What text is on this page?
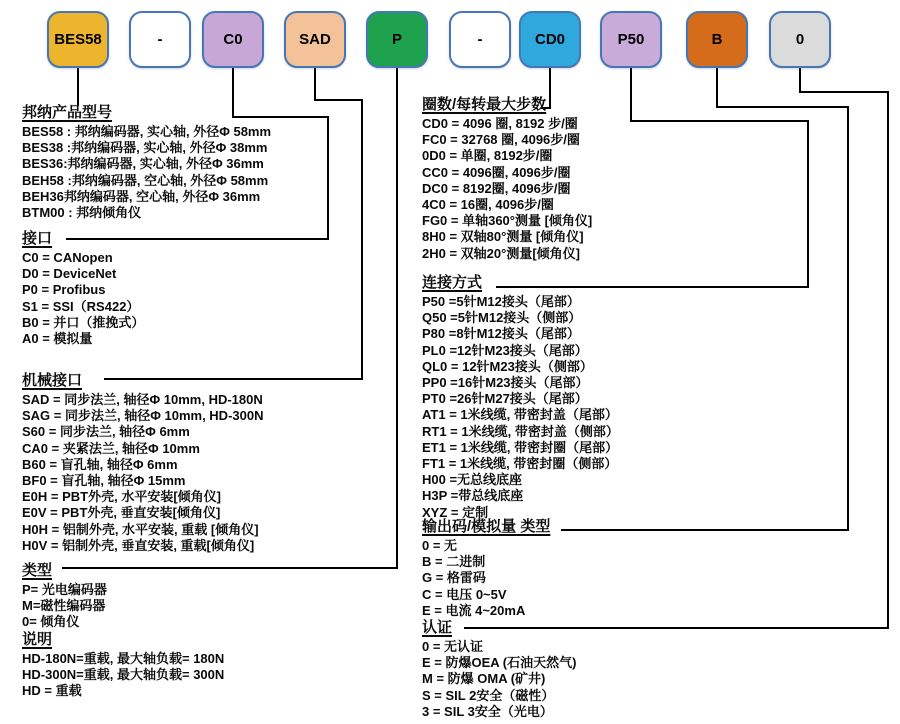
BES58	-	C0	SAD	P	-	CD0	P50	B	0
邦纳产品型号
BES58 : 邦纳编码器, 实心轴, 外径Φ 58mm
BES38 :邦纳编码器, 实心轴, 外径Φ 38mm
BES36:邦纳编码器, 实心轴, 外径Φ 36mm
BEH58 :邦纳编码器, 空心轴, 外径Φ 58mm
BEH36邦纳编码器, 空心轴, 外径Φ 36mm
BTM00 : 邦纳倾角仪
接口
C0 = CANopen
D0 = DeviceNet
P0 = Profibus
S1 = SSI（RS422）
B0 = 并口（推挽式）
A0 = 模拟量
机械接口
SAD = 同步法兰, 轴径Φ 10mm, HD-180N
SAG = 同步法兰, 轴径Φ 10mm, HD-300N
S60 = 同步法兰, 轴径Φ 6mm
CA0 = 夹紧法兰, 轴径Φ 10mm
B60 = 盲孔轴, 轴径Φ 6mm
BF0 = 盲孔轴, 轴径Φ 15mm
E0H = PBT外壳, 水平安装[倾角仪]
E0V = PBT外壳, 垂直安装[倾角仪]
H0H = 铝制外壳, 水平安装, 重载 [倾角仪]
H0V = 铝制外壳, 垂直安装, 重载[倾角仪]
类型
P= 光电编码器
M=磁性编码器
0= 倾角仪
说明
HD-180N=重载, 最大轴负载= 180N
HD-300N=重载, 最大轴负载= 300N
HD = 重载
圈数/每转最大步数
CD0 = 4096 圈, 8192 步/圈
FC0 = 32768 圈, 4096步/圈
0D0 = 单圈, 8192步/圈
CC0 = 4096圈, 4096步/圈
DC0 = 8192圈, 4096步/圈
4C0 = 16圈, 4096步/圈
FG0 = 单轴360°测量 [倾角仪]
8H0 = 双轴80°测量 [倾角仪]
2H0 = 双轴20°测量[倾角仪]
连接方式
P50 =5针M12接头（尾部）
Q50 =5针M12接头（侧部）
P80 =8针M12接头（尾部）
PL0 =12针M23接头（尾部）
QL0 = 12针M23接头（侧部）
PP0 =16针M23接头（尾部）
PT0 =26针M27接头（尾部）
AT1 = 1米线缆, 带密封盖（尾部）
RT1 = 1米线缆, 带密封盖（侧部）
ET1 = 1米线缆, 带密封圈（尾部）
FT1 = 1米线缆, 带密封圈（侧部）
H00 =无总线底座
H3P =带总线底座
XYZ = 定制
输出码/模拟量 类型
0 = 无
B = 二进制
G = 格雷码
C = 电压 0~5V
E = 电流 4~20mA
认证
0 = 无认证
E = 防爆OEA (石油天然气)
M = 防爆 OMA (矿井)
S = SIL 2安全（磁性）
3 = SIL 3安全（光电）
